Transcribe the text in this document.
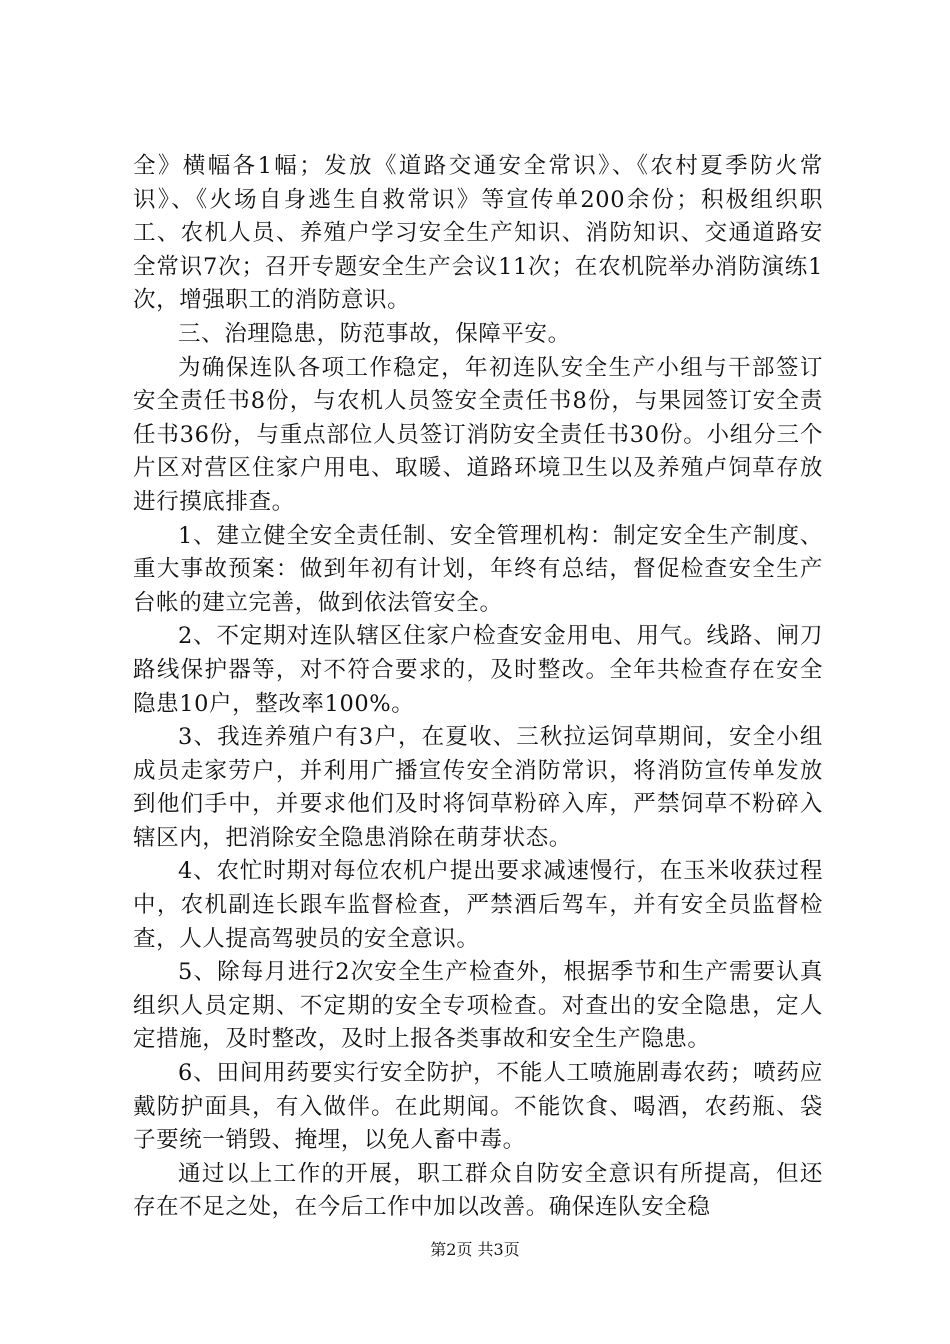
全》横幅各1幅；发放《道路交通安全常识》、《农村夏季防火常识》、《火场自身逃生自救常识》等宣传单200余份；积极组织职工、农机人员、养殖户学习安全生产知识、消防知识、交通道路安全常识7次；召开专题安全生产会议11次；在农机院举办消防演练1次，增强职工的消防意识。

三、治理隐患，防范事故，保障平安。

为确保连队各项工作稳定，年初连队安全生产小组与干部签订安全责任书8份，与农机人员签安全责任书8份，与果园签订安全责任书36份，与重点部位人员签订消防安全责任书30份。小组分三个片区对营区住家户用电、取暖、道路环境卫生以及养殖卢饲草存放进行摸底排查。

1、建立健全安全责任制、安全管理机构：制定安全生产制度、重大事故预案：做到年初有计划，年终有总结，督促检查安全生产台帐的建立完善，做到依法管安全。

2、不定期对连队辖区住家户检查安金用电、用气。线路、闸刀路线保护器等，对不符合要求的，及时整改。全年共检查存在安全隐患10户，整改率100%。

3、我连养殖户有3户，在夏收、三秋拉运饲草期间，安全小组成员走家劳户，并利用广播宣传安全消防常识，将消防宣传单发放到他们手中，并要求他们及时将饲草粉碎入库，严禁饲草不粉碎入辖区内，把消除安全隐患消除在萌芽状态。

4、农忙时期对每位农机户提出要求减速慢行，在玉米收获过程中，农机副连长跟车监督检查，严禁酒后驾车，并有安全员监督检查，人人提高驾驶员的安全意识。

5、除每月进行2次安全生产检查外，根据季节和生产需要认真组织人员定期、不定期的安全专项检查。对查出的安全隐患，定人定措施，及时整改，及时上报各类事故和安全生产隐患。

6、田间用药要实行安全防护，不能人工喷施剧毒农药；喷药应戴防护面具，有入做伴。在此期闻。不能饮食、喝酒，农药瓶、袋子要统一销毁、掩埋，以免人畜中毒。

通过以上工作的开展，职工群众自防安全意识有所提高，但还存在不足之处，在今后工作中加以改善。确保连队安全稳

第2页 共3页
